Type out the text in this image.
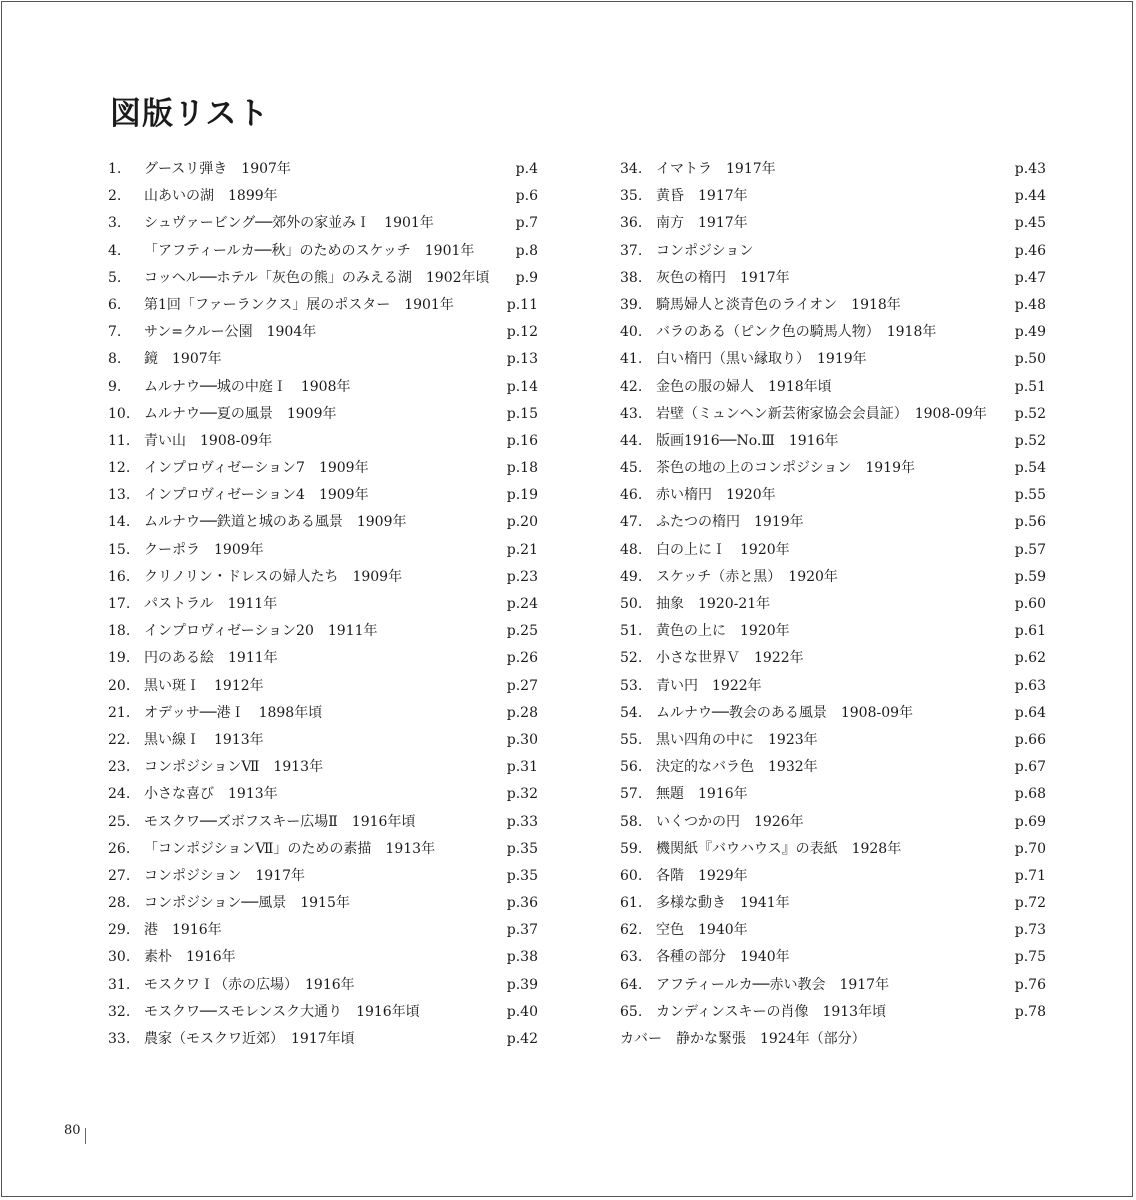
図版リスト
1. グースリ弾き　1907年	p.4
2. 山あいの湖　1899年	p.6
3. シュヴァービング──郊外の家並みＩ　1901年	p.7
4. 「アフティールカ──秋」のためのスケッチ　1901年	p.8
5. コッヘル──ホテル「灰色の熊」のみえる湖　1902年頃 p.9
6. 第1回「ファーランクス」展のポスター　1901年	p.11
7. サン=クルー公園　1904年	p.12
8. 鏡　1907年	p.13
9. ムルナウ──城の中庭Ｉ　1908年	p.14
10. ムルナウ──夏の風景　1909年	p.15
11. 青い山　1908-09年	p.16
12. インプロヴィゼーション7　1909年	p.18
13. インプロヴィゼーション4　1909年	p.19
14. ムルナウ──鉄道と城のある風景　1909年	p.20
15. クーポラ　1909年	p.21
16. クリノリン・ドレスの婦人たち　1909年	p.23
17. パストラル　1911年	p.24
18. インプロヴィゼーション20　1911年	p.25
19. 円のある絵　1911年	p.26
20. 黒い斑Ｉ　1912年	p.27
21. オデッサ──港Ｉ　1898年頃	p.28
22. 黒い線Ｉ　1913年	p.30
23. コンポジションⅦ　1913年	p.31
24. 小さな喜び　1913年	p.32
25. モスクワ──ズボフスキー広場Ⅱ　1916年頃	p.33
26. 「コンポジションⅦ」のための素描　1913年	p.35
27. コンポジション　1917年	p.35
28. コンポジション──風景　1915年	p.36
29. 港　1916年	p.37
30. 素朴　1916年	p.38
31. モスクワＩ（赤の広場）　1916年	p.39
32. モスクワ──スモレンスク大通り　1916年頃	p.40
33. 農家（モスクワ近郊）　1917年頃	p.42
34. イマトラ　1917年	p.43
35. 黄昏　1917年	p.44
36. 南方　1917年	p.45
37. コンポジション	p.46
38. 灰色の楕円　1917年	p.47
39. 騎馬婦人と淡青色のライオン　1918年	p.48
40. バラのある（ピンク色の騎馬人物）　1918年	p.49
41. 白い楕円（黒い縁取り）　1919年	p.50
42. 金色の服の婦人　1918年頃	p.51
43. 岩壁（ミュンヘン新芸術家協会会員証）　1908-09年 p.52
44. 版画1916──No.Ⅲ　1916年	p.52
45. 茶色の地の上のコンポジション　1919年	p.54
46. 赤い楕円　1920年	p.55
47. ふたつの楕円　1919年	p.56
48. 白の上にＩ　1920年	p.57
49. スケッチ（赤と黒）　1920年	p.59
50. 抽象　1920-21年	p.60
51. 黄色の上に　1920年	p.61
52. 小さな世界Ｖ　1922年	p.62
53. 青い円　1922年	p.63
54. ムルナウ──教会のある風景　1908-09年	p.64
55. 黒い四角の中に　1923年	p.66
56. 決定的なバラ色　1932年	p.67
57. 無題　1916年	p.68
58. いくつかの円　1926年	p.69
59. 機関紙『バウハウス』の表紙　1928年	p.70
60. 各階　1929年	p.71
61. 多様な動き　1941年	p.72
62. 空色　1940年	p.73
63. 各種の部分　1940年	p.75
64. アフティールカ──赤い教会　1917年	p.76
65. カンディンスキーの肖像　1913年頃	p.78
カバー　静かな緊張　1924年（部分）
80
